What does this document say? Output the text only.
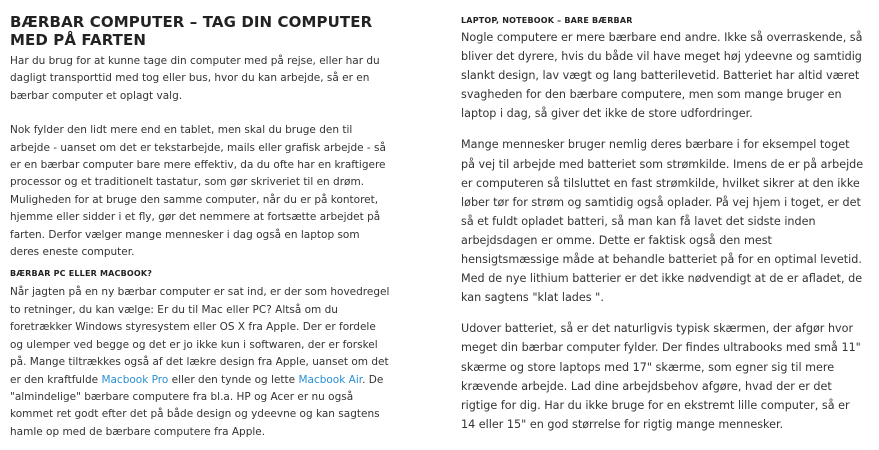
BÆRBAR COMPUTER – TAG DIN COMPUTER MED PÅ FARTEN

Har du brug for at kunne tage din computer med på rejse, eller har du dagligt transporttid med tog eller bus, hvor du kan arbejde, så er en bærbar computer et oplagt valg.

Nok fylder den lidt mere end en tablet, men skal du bruge den til arbejde - uanset om det er tekstarbejde, mails eller grafisk arbejde - så er en bærbar computer bare mere effektiv, da du ofte har en kraftigere processor og et traditionelt tastatur, som gør skriveriet til en drøm. Muligheden for at bruge den samme computer, når du er på kontoret, hjemme eller sidder i et fly, gør det nemmere at fortsætte arbejdet på farten. Derfor vælger mange mennesker i dag også en laptop som deres eneste computer.

BÆRBAR PC ELLER MACBOOK?

Når jagten på en ny bærbar computer er sat ind, er der som hovedregel to retninger, du kan vælge: Er du til Mac eller PC? Altså om du foretrækker Windows styresystem eller OS X fra Apple. Der er fordele og ulemper ved begge og det er jo ikke kun i softwaren, der er forskel på. Mange tiltrækkes også af det lækre design fra Apple, uanset om det er den kraftfulde Macbook Pro eller den tynde og lette Macbook Air. De "almindelige" bærbare computere fra bl.a. HP og Acer er nu også kommet ret godt efter det på både design og ydeevne og kan sagtens hamle op med de bærbare computere fra Apple.

LAPTOP, NOTEBOOK – BARE BÆRBAR

Nogle computere er mere bærbare end andre. Ikke så overraskende, så bliver det dyrere, hvis du både vil have meget høj ydeevne og samtidig slankt design, lav vægt og lang batterilevetid. Batteriet har altid været svagheden for den bærbare computere, men som mange bruger en laptop i dag, så giver det ikke de store udfordringer.

Mange mennesker bruger nemlig deres bærbare i for eksempel toget på vej til arbejde med batteriet som strømkilde. Imens de er på arbejde er computeren så tilsluttet en fast strømkilde, hvilket sikrer at den ikke løber tør for strøm og samtidig også oplader. På vej hjem i toget, er det så et fuldt opladet batteri, så man kan få lavet det sidste inden arbejdsdagen er omme. Dette er faktisk også den mest hensigtsmæssige måde at behandle batteriet på for en optimal levetid. Med de nye lithium batterier er det ikke nødvendigt at de er afladet, de kan sagtens "klat lades ".

Udover batteriet, så er det naturligvis typisk skærmen, der afgør hvor meget din bærbar computer fylder. Der findes ultrabooks med små 11" skærme og store laptops med 17" skærme, som egner sig til mere krævende arbejde. Lad dine arbejdsbehov afgøre, hvad der er det rigtige for dig. Har du ikke bruge for en ekstremt lille computer, så er 14 eller 15" en god størrelse for rigtig mange mennesker.
